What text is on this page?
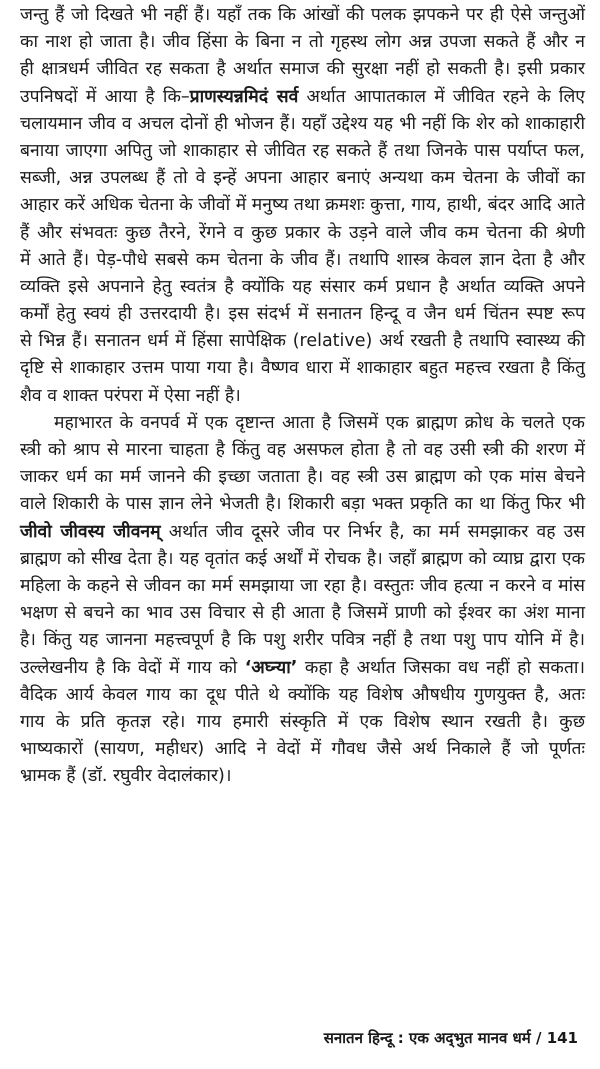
जन्तु हैं जो दिखते भी नहीं हैं। यहाँ तक कि आंखों की पलक झपकने पर ही ऐसे जन्तुओं
का नाश हो जाता है। जीव हिंसा के बिना न तो गृहस्थ लोग अन्न उपजा सकते हैं और न
ही क्षात्रधर्म जीवित रह सकता है अर्थात समाज की सुरक्षा नहीं हो सकती है। इसी प्रकार
उपनिषदों में आया है कि–प्राणस्यन्नमिदं सर्व अर्थात आपातकाल में जीवित रहने के लिए
चलायमान जीव व अचल दोनों ही भोजन हैं। यहाँ उद्देश्य यह भी नहीं कि शेर को शाकाहारी
बनाया जाएगा अपितु जो शाकाहार से जीवित रह सकते हैं तथा जिनके पास पर्याप्त फल,
सब्जी, अन्न उपलब्ध हैं तो वे इन्हें अपना आहार बनाएं अन्यथा कम चेतना के जीवों का
आहार करें अधिक चेतना के जीवों में मनुष्य तथा क्रमशः कुत्ता, गाय, हाथी, बंदर आदि आते
हैं और संभवतः कुछ तैरने, रेंगने व कुछ प्रकार के उड़ने वाले जीव कम चेतना की श्रेणी
में आते हैं। पेड़-पौधे सबसे कम चेतना के जीव हैं। तथापि शास्त्र केवल ज्ञान देता है और
व्यक्ति इसे अपनाने हेतु स्वतंत्र है क्योंकि यह संसार कर्म प्रधान है अर्थात व्यक्ति अपने
कर्मों हेतु स्वयं ही उत्तरदायी है। इस संदर्भ में सनातन हिन्दू व जैन धर्म चिंतन स्पष्ट रूप
से भिन्न हैं। सनातन धर्म में हिंसा सापेक्षिक (relative) अर्थ रखती है तथापि स्वास्थ्य की
दृष्टि से शाकाहार उत्तम पाया गया है। वैष्णव धारा में शाकाहार बहुत महत्त्व रखता है किंतु
शैव व शाक्त परंपरा में ऐसा नहीं है।
महाभारत के वनपर्व में एक दृष्टान्त आता है जिसमें एक ब्राह्मण क्रोध के चलते एक
स्त्री को श्राप से मारना चाहता है किंतु वह असफल होता है तो वह उसी स्त्री की शरण में
जाकर धर्म का मर्म जानने की इच्छा जताता है। वह स्त्री उस ब्राह्मण को एक मांस बेचने
वाले शिकारी के पास ज्ञान लेने भेजती है। शिकारी बड़ा भक्त प्रकृति का था किंतु फिर भी
जीवो जीवस्य जीवनम् अर्थात जीव दूसरे जीव पर निर्भर है, का मर्म समझाकर वह उस
ब्राह्मण को सीख देता है। यह वृतांत कई अर्थों में रोचक है। जहाँ ब्राह्मण को व्याघ्र द्वारा एक
महिला के कहने से जीवन का मर्म समझाया जा रहा है। वस्तुतः जीव हत्या न करने व मांस
भक्षण से बचने का भाव उस विचार से ही आता है जिसमें प्राणी को ईश्वर का अंश माना
है। किंतु यह जानना महत्त्वपूर्ण है कि पशु शरीर पवित्र नहीं है तथा पशु पाप योनि में है।
उल्लेखनीय है कि वेदों में गाय को ‘अघ्न्या’ कहा है अर्थात जिसका वध नहीं हो सकता।
वैदिक आर्य केवल गाय का दूध पीते थे क्योंकि यह विशेष औषधीय गुणयुक्त है, अतः
गाय के प्रति कृतज्ञ रहे। गाय हमारी संस्कृति में एक विशेष स्थान रखती है। कुछ
भाष्यकारों (सायण, महीधर) आदि ने वेदों में गौवध जैसे अर्थ निकाले हैं जो पूर्णतः
भ्रामक हैं (डॉ. रघुवीर वेदालंकार)।
सनातन हिन्दू : एक अद्‌भुत मानव धर्म / 141
